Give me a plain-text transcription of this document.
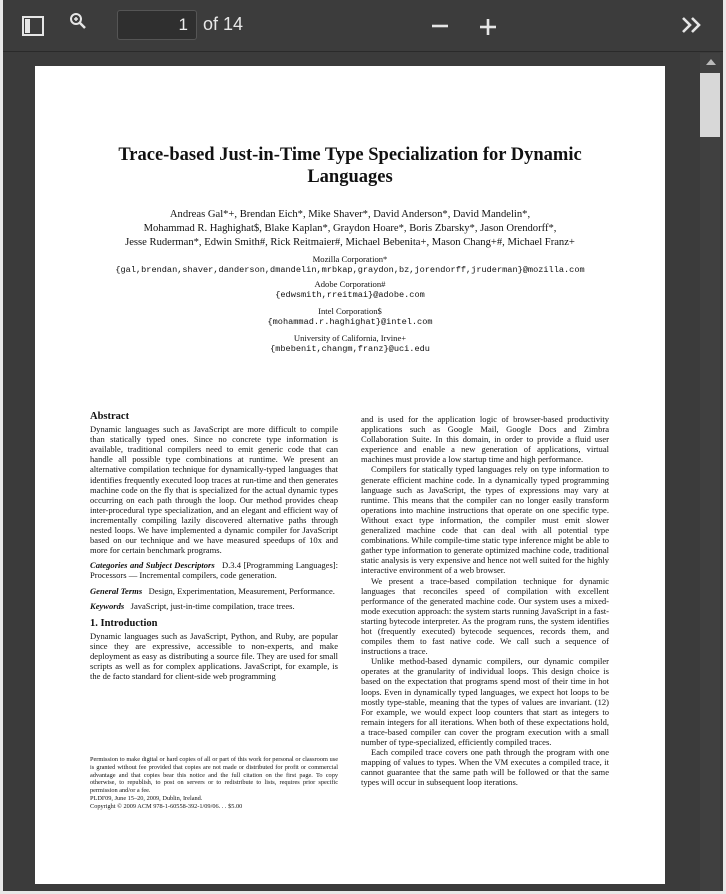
1 of 14
Trace-based Just-in-Time Type Specialization for Dynamic Languages
Andreas Gal*+, Brendan Eich*, Mike Shaver*, David Anderson*, David Mandelin*,
Mohammad R. Haghighat$, Blake Kaplan*, Graydon Hoare*, Boris Zbarsky*, Jason Orendorff*,
Jesse Ruderman*, Edwin Smith#, Rick Reitmaier#, Michael Bebenita+, Mason Chang+#, Michael Franz+
Mozilla Corporation*
{gal,brendan,shaver,danderson,dmandelin,mrbkap,graydon,bz,jorendorff,jruderman}@mozilla.com
Adobe Corporation#
{edwsmith,rreitmai}@adobe.com
Intel Corporation$
{mohammad.r.haghighat}@intel.com
University of California, Irvine+
{mbebenit,changm,franz}@uci.edu
Abstract

Dynamic languages such as JavaScript are more difficult to compile than statically typed ones. Since no concrete type information is available, traditional compilers need to emit generic code that can handle all possible type combinations at runtime. We present an alternative compilation technique for dynamically-typed languages that identifies frequently executed loop traces at run-time and then generates machine code on the fly that is specialized for the actual dynamic types occurring on each path through the loop. Our method provides cheap inter-procedural type specialization, and an elegant and efficient way of incrementally compiling lazily discovered alternative paths through nested loops. We have implemented a dynamic compiler for JavaScript based on our technique and we have measured speedups of 10x and more for certain benchmark programs.

Categories and Subject Descriptors D.3.4 [Programming Languages]: Processors — Incremental compilers, code generation.

General Terms Design, Experimentation, Measurement, Performance.

Keywords JavaScript, just-in-time compilation, trace trees.

1. Introduction

Dynamic languages such as JavaScript, Python, and Ruby, are popular since they are expressive, accessible to non-experts, and make deployment as easy as distributing a source file. They are used for small scripts as well as for complex applications. JavaScript, for example, is the de facto standard for client-side web programming

Permission to make digital or hard copies of all or part of this work for personal or classroom use is granted without fee provided that copies are not made or distributed for profit or commercial advantage and that copies bear this notice and the full citation on the first page. To copy otherwise, to republish, to post on servers or to redistribute to lists, requires prior specific permission and/or a fee.
PLDI'09, June 15–20, 2009, Dublin, Ireland.
Copyright © 2009 ACM 978-1-60558-392-1/09/06. . . $5.00

and is used for the application logic of browser-based productivity applications such as Google Mail, Google Docs and Zimbra Collaboration Suite. In this domain, in order to provide a fluid user experience and enable a new generation of applications, virtual machines must provide a low startup time and high performance.

Compilers for statically typed languages rely on type information to generate efficient machine code. In a dynamically typed programming language such as JavaScript, the types of expressions may vary at runtime. This means that the compiler can no longer easily transform operations into machine instructions that operate on one specific type. Without exact type information, the compiler must emit slower generalized machine code that can deal with all potential type combinations. While compile-time static type inference might be able to gather type information to generate optimized machine code, traditional static analysis is very expensive and hence not well suited for the highly interactive environment of a web browser.

We present a trace-based compilation technique for dynamic languages that reconciles speed of compilation with excellent performance of the generated machine code. Our system uses a mixed-mode execution approach: the system starts running JavaScript in a fast-starting bytecode interpreter. As the program runs, the system identifies hot (frequently executed) bytecode sequences, records them, and compiles them to fast native code. We call such a sequence of instructions a trace.

Unlike method-based dynamic compilers, our dynamic compiler operates at the granularity of individual loops. This design choice is based on the expectation that programs spend most of their time in hot loops. Even in dynamically typed languages, we expect hot loops to be mostly type-stable, meaning that the types of values are invariant. (12) For example, we would expect loop counters that start as integers to remain integers for all iterations. When both of these expectations hold, a trace-based compiler can cover the program execution with a small number of type-specialized, efficiently compiled traces.

Each compiled trace covers one path through the program with one mapping of values to types. When the VM executes a compiled trace, it cannot guarantee that the same path will be followed or that the same types will occur in subsequent loop iterations.
